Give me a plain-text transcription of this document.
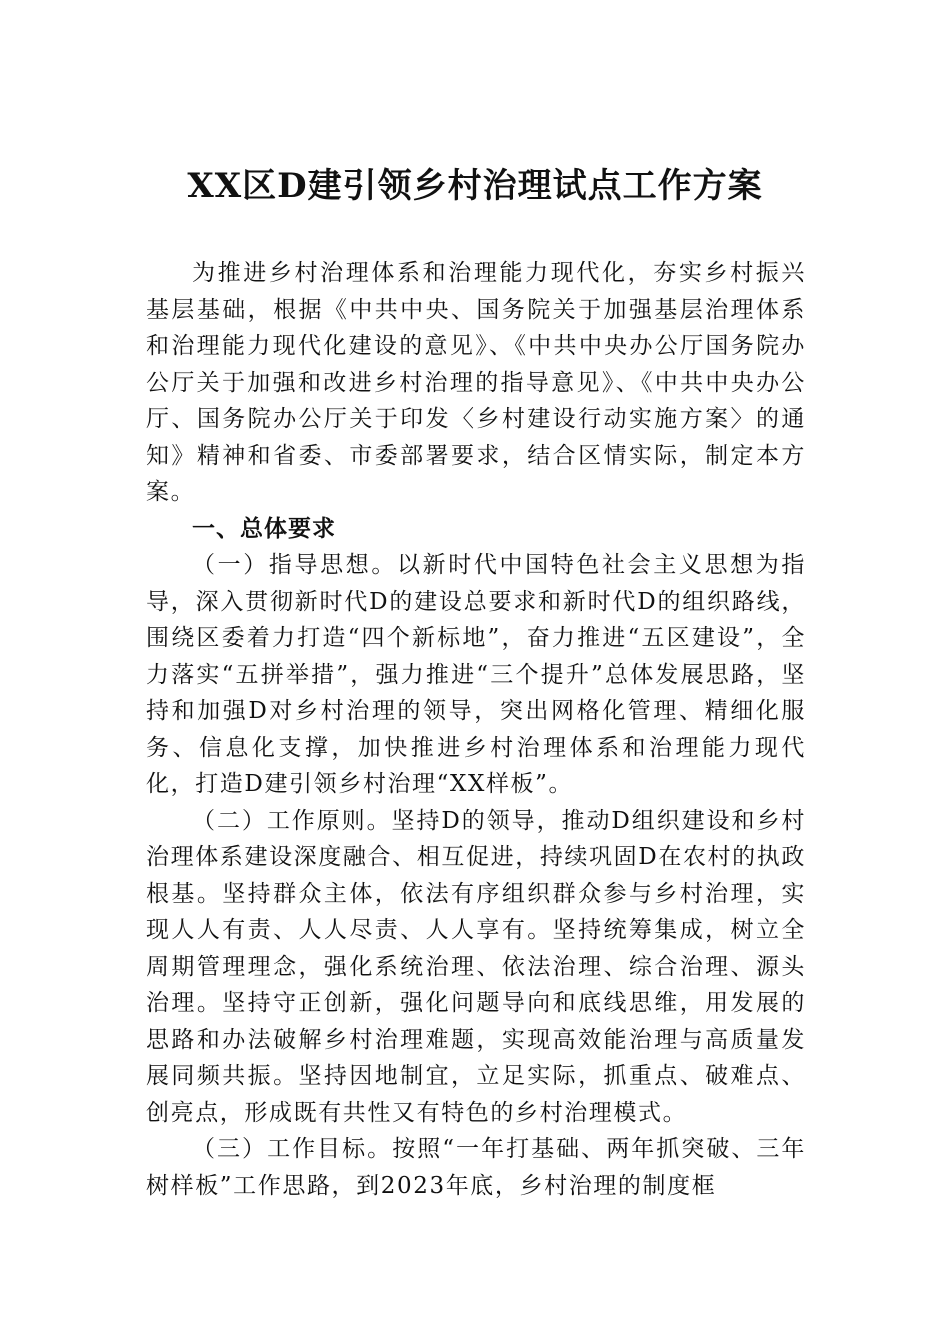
XX区D建引领乡村治理试点工作方案

为推进乡村治理体系和治理能力现代化，夯实乡村振兴基层基础，根据《中共中央、国务院关于加强基层治理体系和治理能力现代化建设的意见》、《中共中央办公厅国务院办公厅关于加强和改进乡村治理的指导意见》、《中共中央办公厅、国务院办公厅关于印发〈乡村建设行动实施方案〉的通知》精神和省委、市委部署要求，结合区情实际，制定本方案。

一、总体要求

（一）指导思想。以新时代中国特色社会主义思想为指导，深入贯彻新时代D的建设总要求和新时代D的组织路线，围绕区委着力打造“四个新标地”，奋力推进“五区建设”，全力落实“五拼举措”，强力推进“三个提升”总体发展思路，坚持和加强D对乡村治理的领导，突出网格化管理、精细化服务、信息化支撑，加快推进乡村治理体系和治理能力现代化，打造D建引领乡村治理“XX样板”。

（二）工作原则。坚持D的领导，推动D组织建设和乡村治理体系建设深度融合、相互促进，持续巩固D在农村的执政根基。坚持群众主体，依法有序组织群众参与乡村治理，实现人人有责、人人尽责、人人享有。坚持统筹集成，树立全周期管理理念，强化系统治理、依法治理、综合治理、源头治理。坚持守正创新，强化问题导向和底线思维，用发展的思路和办法破解乡村治理难题，实现高效能治理与高质量发展同频共振。坚持因地制宜，立足实际，抓重点、破难点、创亮点，形成既有共性又有特色的乡村治理模式。

（三）工作目标。按照“一年打基础、两年抓突破、三年树样板”工作思路，到2023年底，乡村治理的制度框
